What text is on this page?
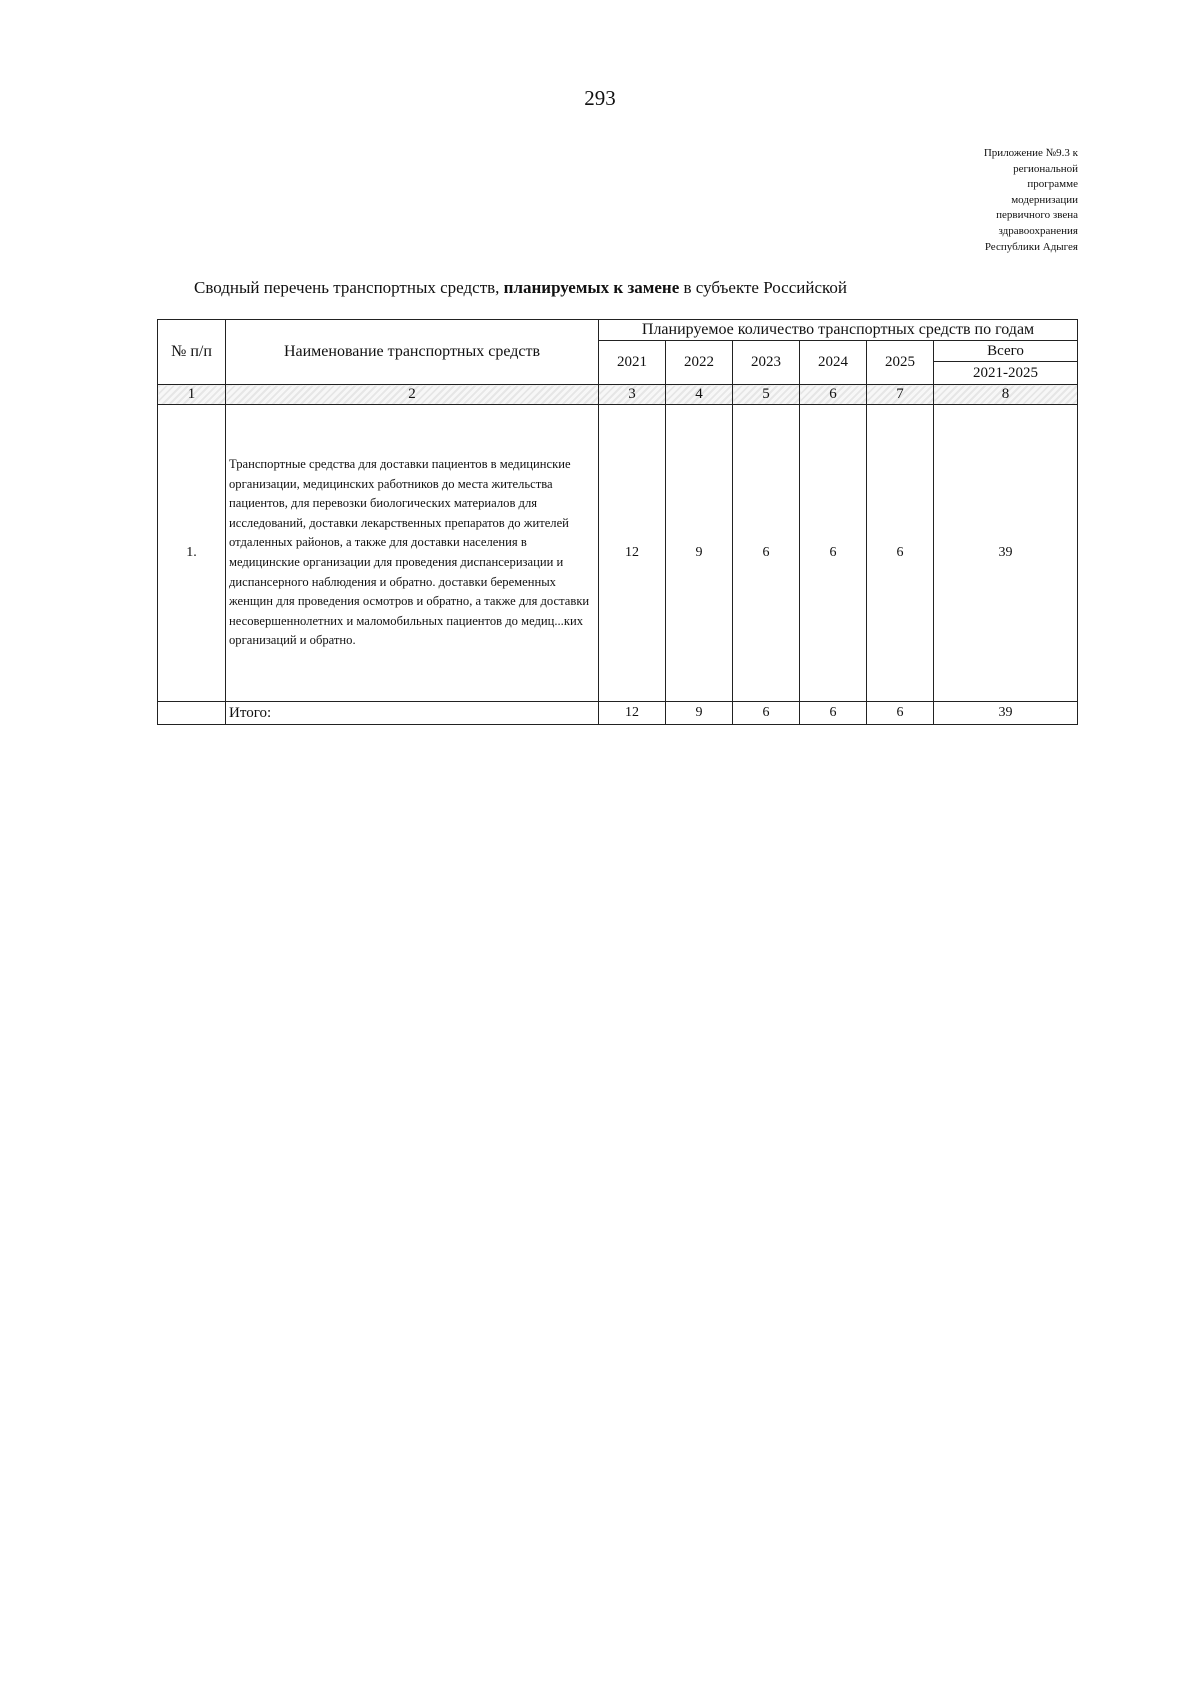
293
Приложение №9.3 к
региональной
программе
модернизации
первичного звена
здравоохранения
Республики Адыгея
Сводный перечень транспортных средств, планируемых к замене в субъекте Российской
№ п/п	Наименование транспортных средств	Планируемое количество транспортных средств по годам					
		2021	2022	2023	2024	2025	Всего
							2021-2025
1	2	3	4	5	6	7	8
1.	Транспортные средства для доставки пациентов в медицинские организации, медицинских работников до места жительства пациентов, для перевозки биологических материалов для исследований, доставки лекарственных препаратов до жителей отдаленных районов, а также для доставки населения в медицинские организации для проведения диспансеризации и диспансерного наблюдения и обратно. доставки беременных женщин для проведения осмотров и обратно, а также для доставки несовершеннолетних и маломобильных пациентов до медиц...ких организаций и обратно.	12	9	6	6	6	39
	Итого:	12	9	6	6	6	39
